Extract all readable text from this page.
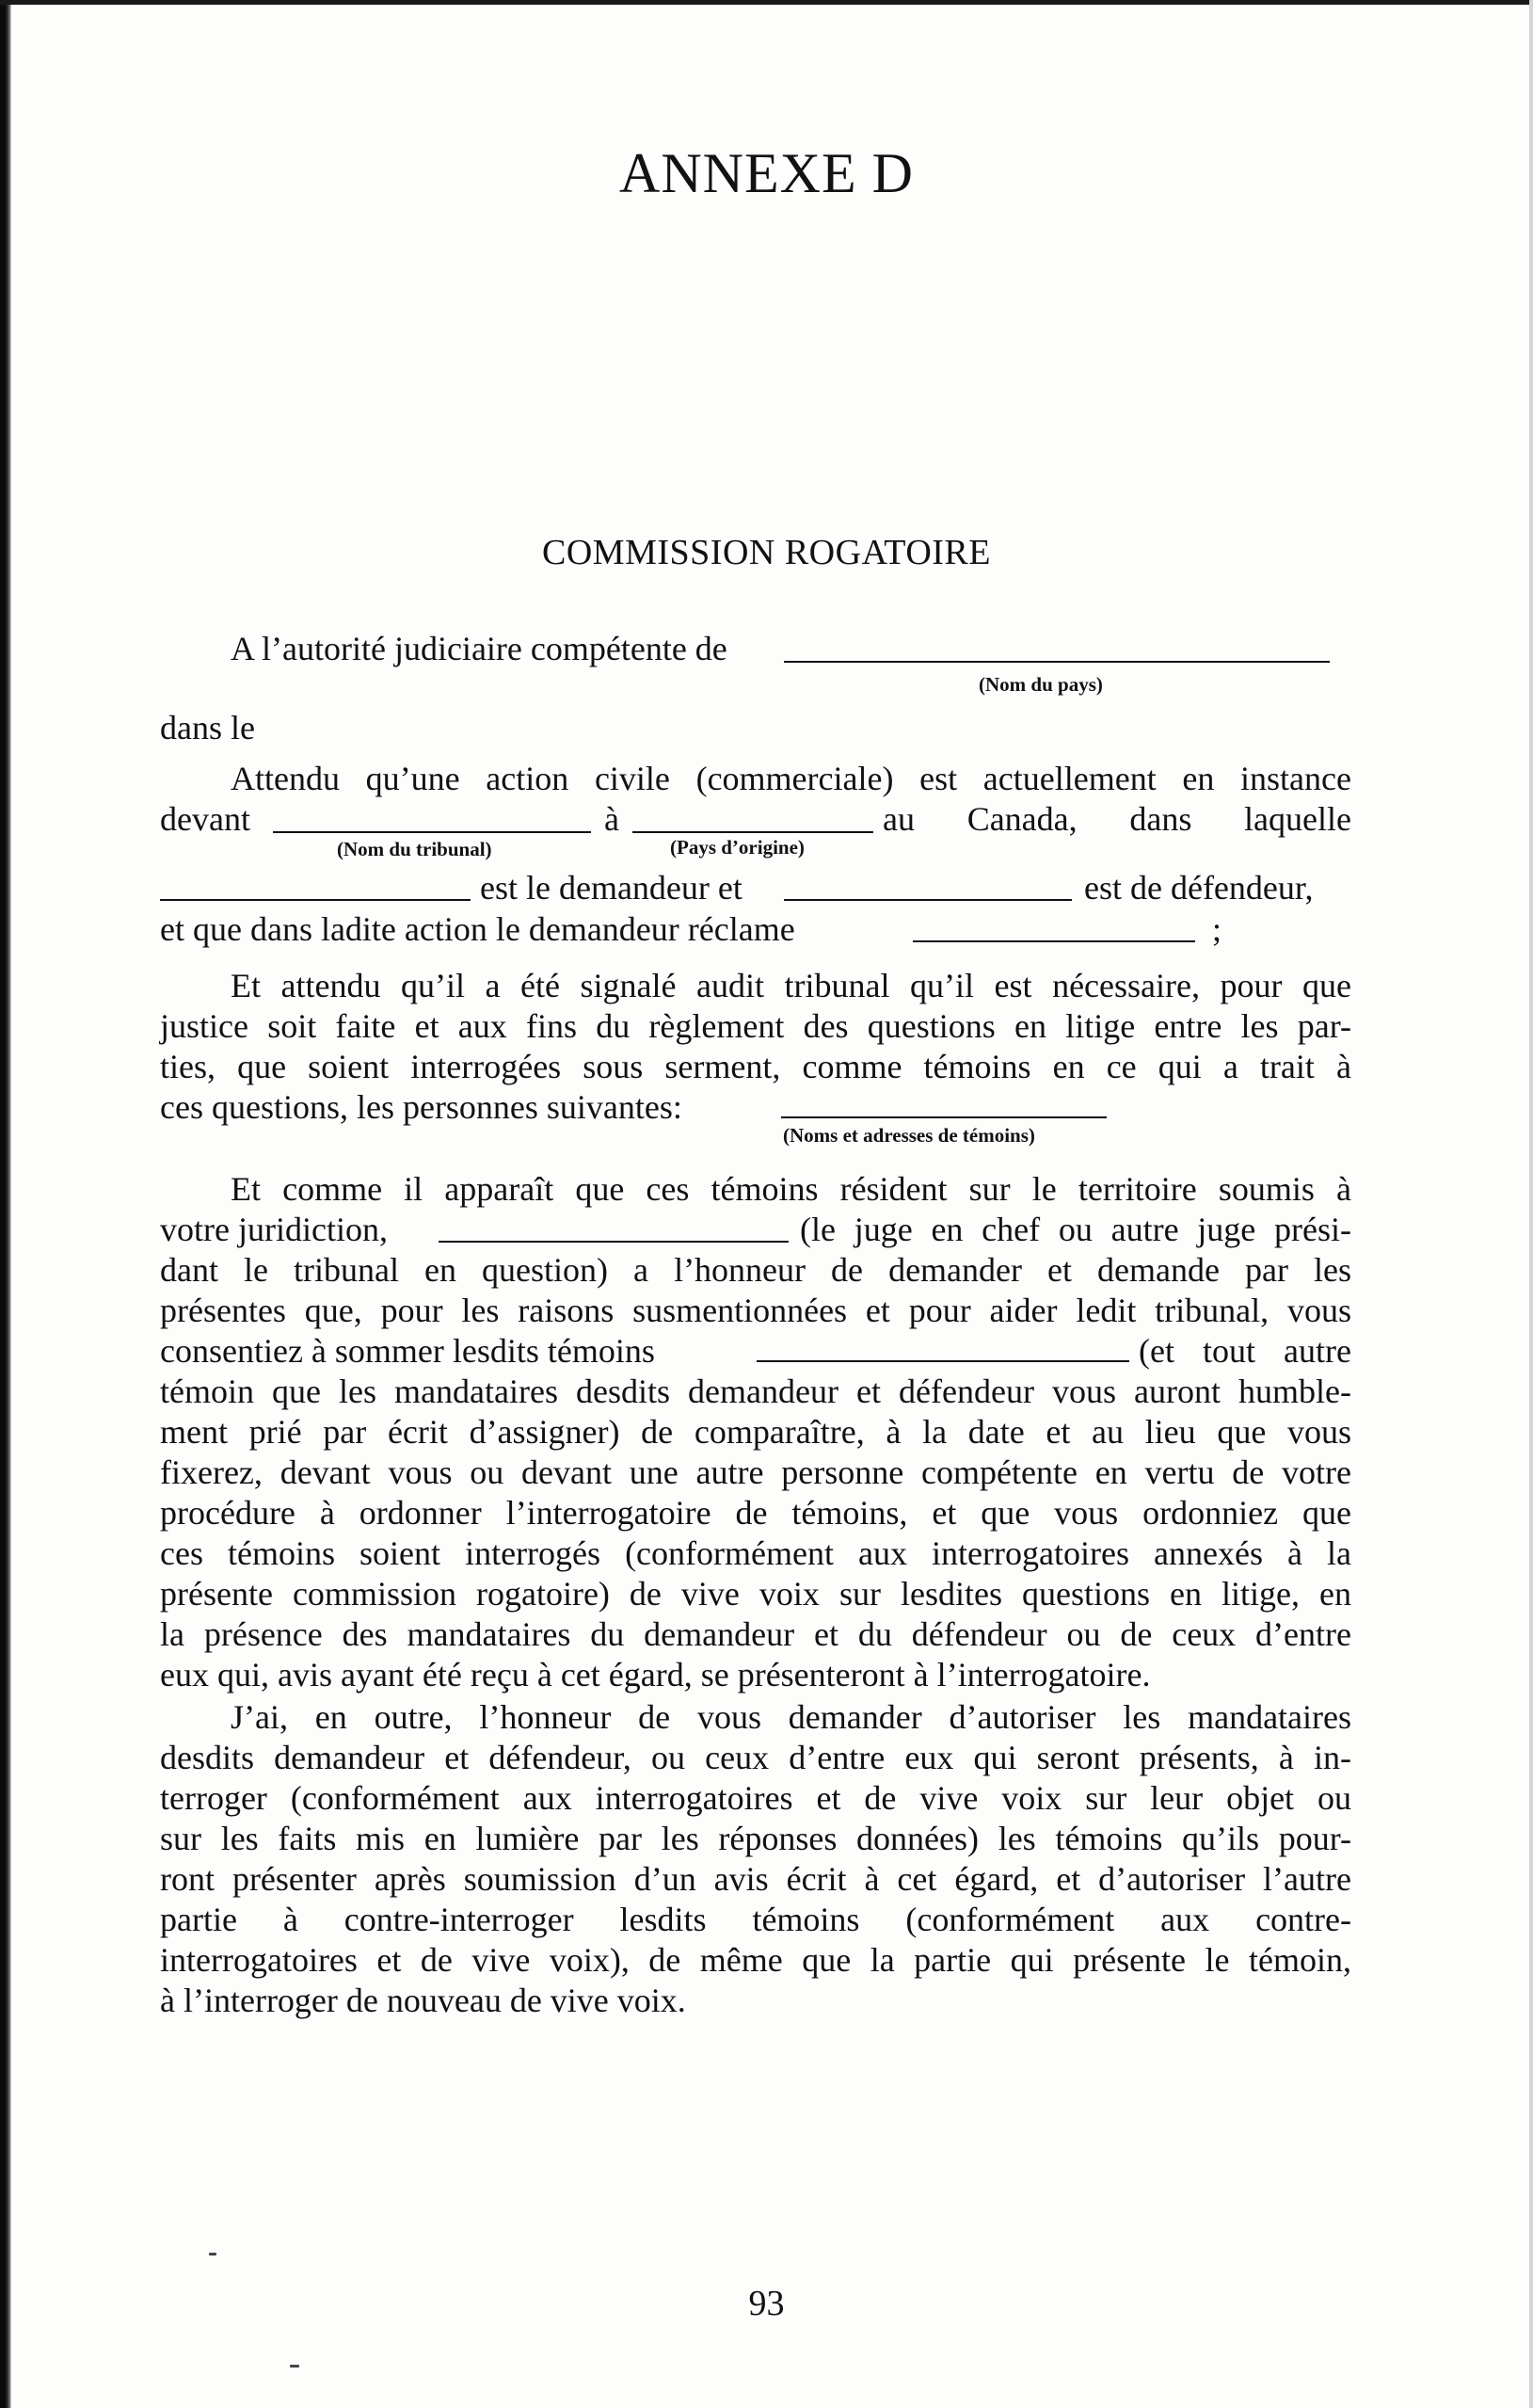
ANNEXE D
COMMISSION ROGATOIRE
A l’autorité judiciaire compétente de
(Nom du pays)
dans le
Attendu qu’une action civile (commerciale) est actuellement en instance
devant	à	au Canada, dans laquelle
(Nom du tribunal)	(Pays d’origine)
est le demandeur et	est de défendeur,
et que dans ladite action le demandeur réclame	;
Et attendu qu’il a été signalé audit tribunal qu’il est nécessaire, pour que
justice soit faite et aux fins du règlement des questions en litige entre les par-
ties, que soient interrogées sous serment, comme témoins en ce qui a trait à
ces questions, les personnes suivantes:
(Noms et adresses de témoins)
Et comme il apparaît que ces témoins résident sur le territoire soumis à
votre juridiction,	(le juge en chef ou autre juge prési-
dant le tribunal en question) a l’honneur de demander et demande par les
présentes que, pour les raisons susmentionnées et pour aider ledit tribunal, vous
consentiez à sommer lesdits témoins	(et tout autre
témoin que les mandataires desdits demandeur et défendeur vous auront humble-
ment prié par écrit d’assigner) de comparaître, à la date et au lieu que vous
fixerez, devant vous ou devant une autre personne compétente en vertu de votre
procédure à ordonner l’interrogatoire de témoins, et que vous ordonniez que
ces témoins soient interrogés (conformément aux interrogatoires annexés à la
présente commission rogatoire) de vive voix sur lesdites questions en litige, en
la présence des mandataires du demandeur et du défendeur ou de ceux d’entre
eux qui, avis ayant été reçu à cet égard, se présenteront à l’interrogatoire.
J’ai, en outre, l’honneur de vous demander d’autoriser les mandataires
desdits demandeur et défendeur, ou ceux d’entre eux qui seront présents, à in-
terroger (conformément aux interrogatoires et de vive voix sur leur objet ou
sur les faits mis en lumière par les réponses données) les témoins qu’ils pour-
ront présenter après soumission d’un avis écrit à cet égard, et d’autoriser l’autre
partie à contre-interroger lesdits témoins (conformément aux contre-
interrogatoires et de vive voix), de même que la partie qui présente le témoin,
à l’interroger de nouveau de vive voix.
93
